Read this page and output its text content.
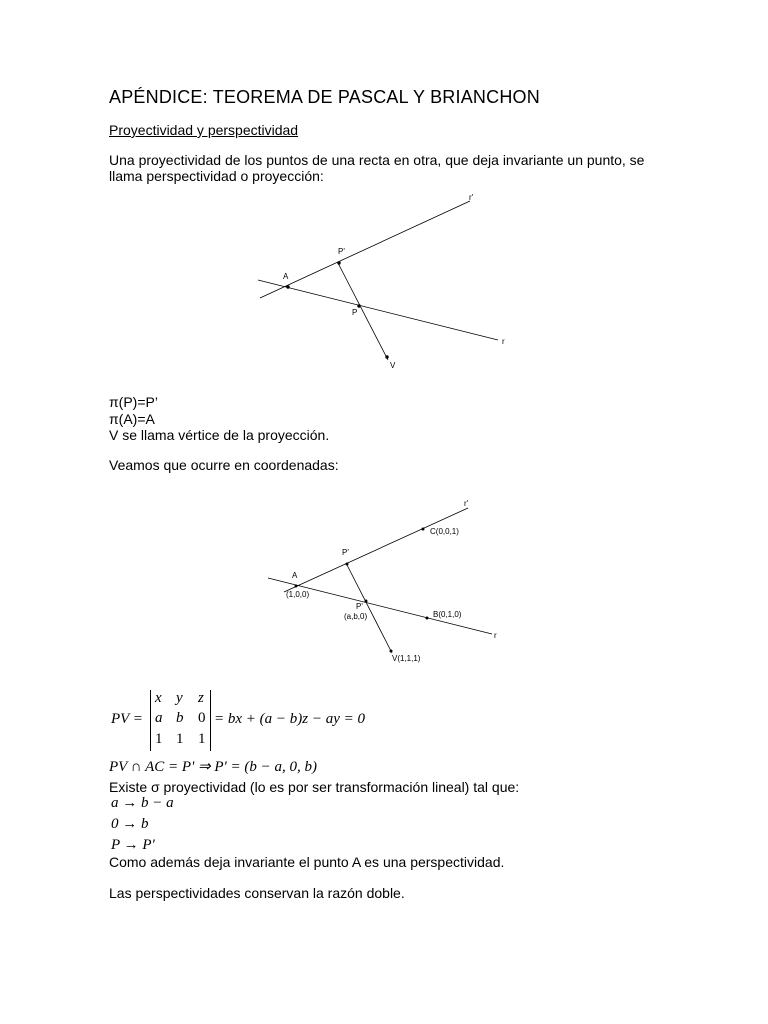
APÉNDICE: TEOREMA DE PASCAL Y BRIANCHON
Proyectividad y perspectividad
Una proyectividad de los puntos de una recta en otra, que deja invariante un punto, se
llama perspectividad o proyección:
r'
P'
A
P
r
V
π(P)=P’
π(A)=A
V se llama vértice de la proyección.
Veamos que ocurre en coordenadas:
r'
C(0,0,1)
P'
A
(1,0,0)
P'
(a,b,0)	B(0,1,0)
r
V(1,1,1)
PV =
x y z
a b 0
1 1 1
= bx + (a − b)z − ay = 0
PV ∩ AC = P' ⇒ P' = (b − a, 0, b)
Existe σ proyectividad (lo es por ser transformación lineal) tal que:
a → b − a
0 → b
P → P'
Como además deja invariante el punto A es una perspectividad.
Las perspectividades conservan la razón doble.
